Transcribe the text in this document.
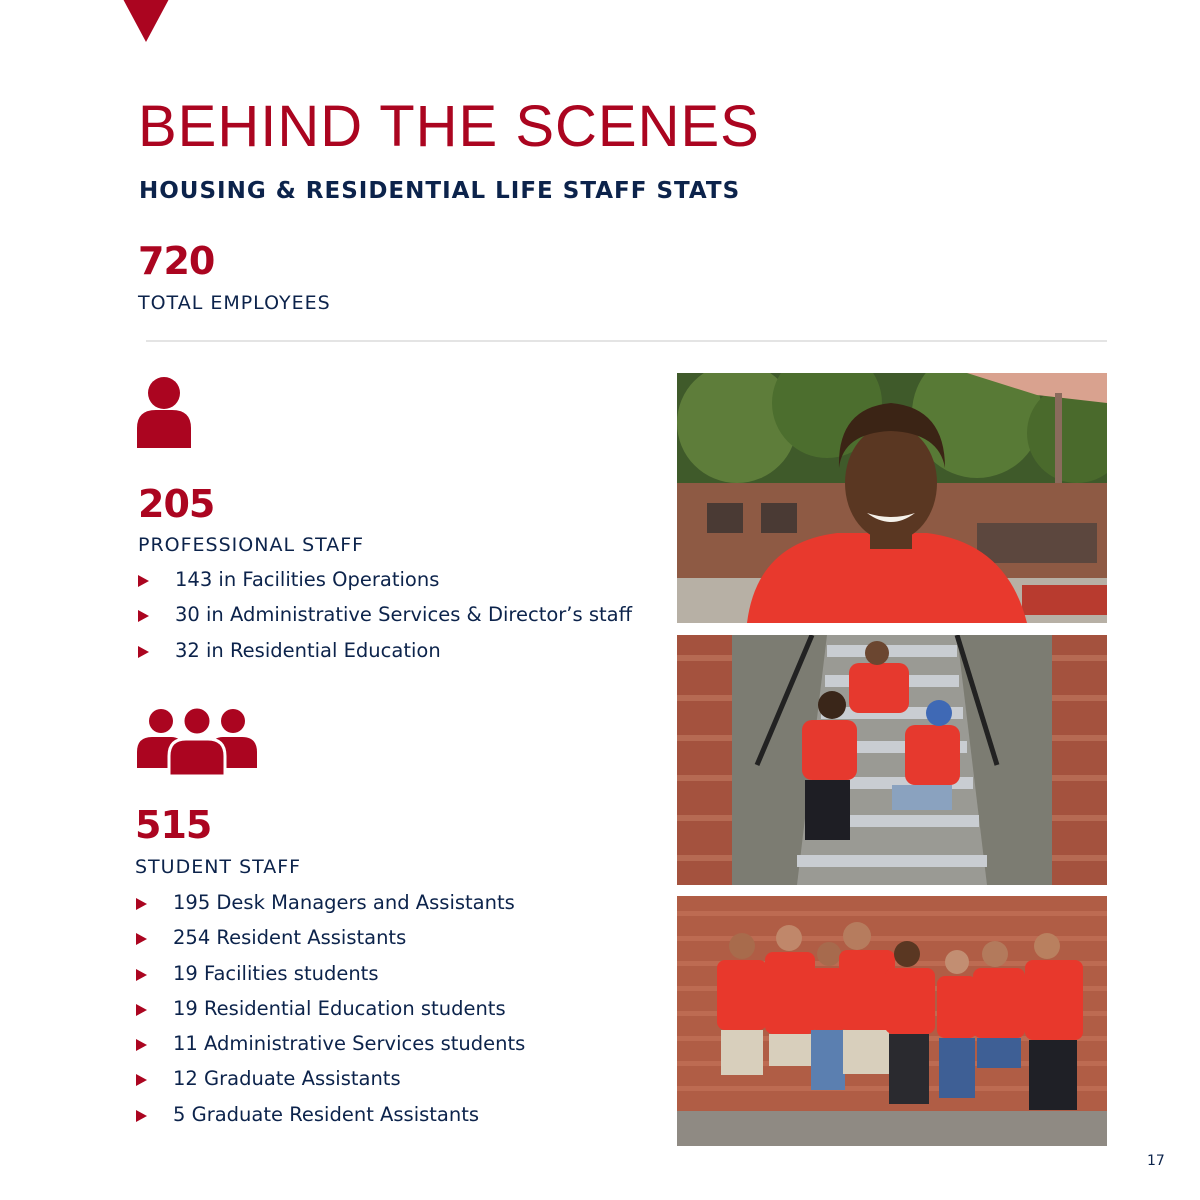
BEHIND THE SCENES
HOUSING & RESIDENTIAL LIFE STAFF STATS
720
TOTAL EMPLOYEES
205
PROFESSIONAL STAFF
143 in Facilities Operations
30 in Administrative Services & Director’s staff
32 in Residential Education
515
STUDENT STAFF
195 Desk Managers and Assistants
254 Resident Assistants
19 Facilities students
19 Residential Education students
11 Administrative Services students
12 Graduate Assistants
5 Graduate Resident Assistants
17
